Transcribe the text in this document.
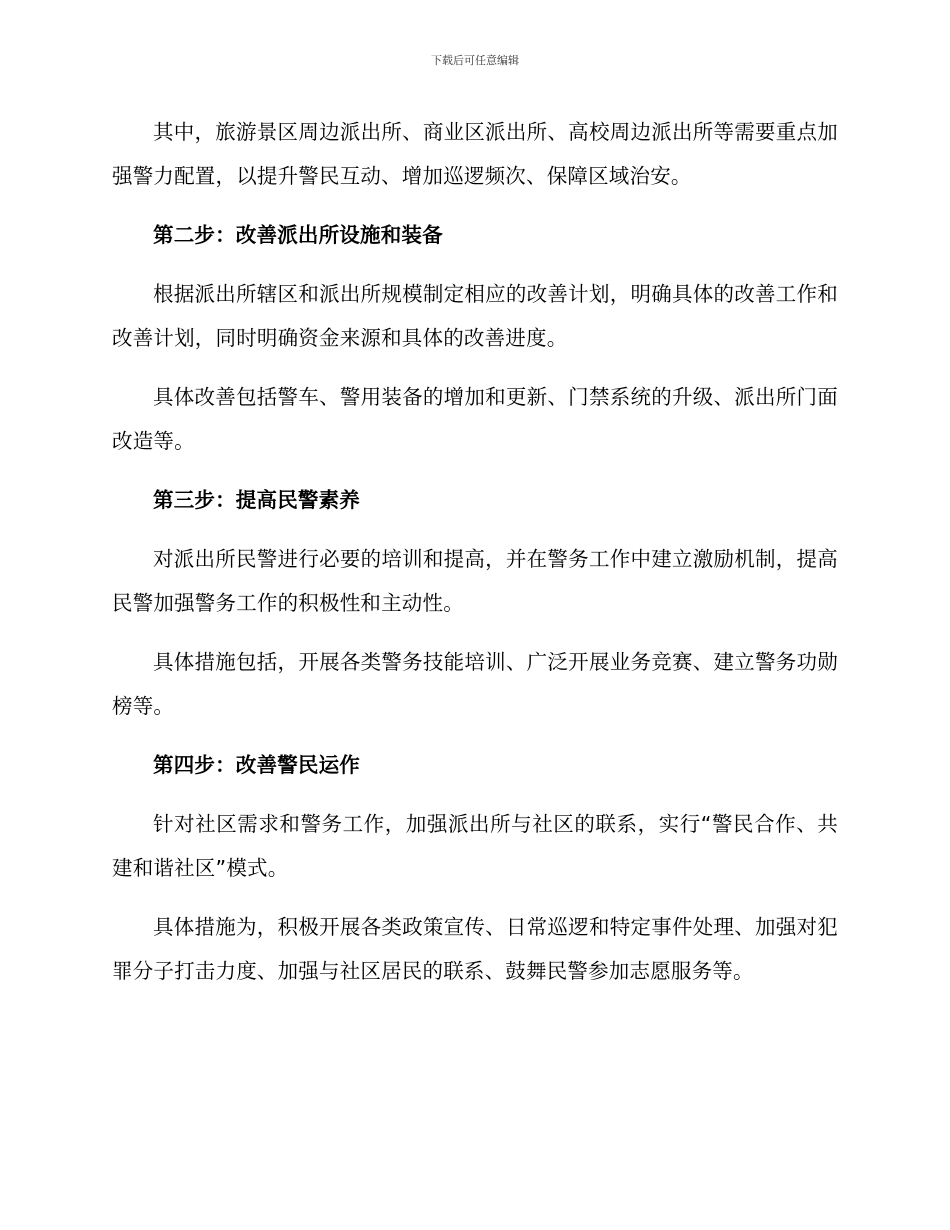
下载后可任意编辑

其中，旅游景区周边派出所、商业区派出所、高校周边派出所等需要重点加强警力配置，以提升警民互动、增加巡逻频次、保障区域治安。

第二步：改善派出所设施和装备

根据派出所辖区和派出所规模制定相应的改善计划，明确具体的改善工作和改善计划，同时明确资金来源和具体的改善进度。

具体改善包括警车、警用装备的增加和更新、门禁系统的升级、派出所门面改造等。

第三步：提高民警素养

对派出所民警进行必要的培训和提高，并在警务工作中建立激励机制，提高民警加强警务工作的积极性和主动性。

具体措施包括，开展各类警务技能培训、广泛开展业务竞赛、建立警务功勋榜等。

第四步：改善警民运作

针对社区需求和警务工作，加强派出所与社区的联系，实行“警民合作、共建和谐社区”模式。

具体措施为，积极开展各类政策宣传、日常巡逻和特定事件处理、加强对犯罪分子打击力度、加强与社区居民的联系、鼓舞民警参加志愿服务等。
